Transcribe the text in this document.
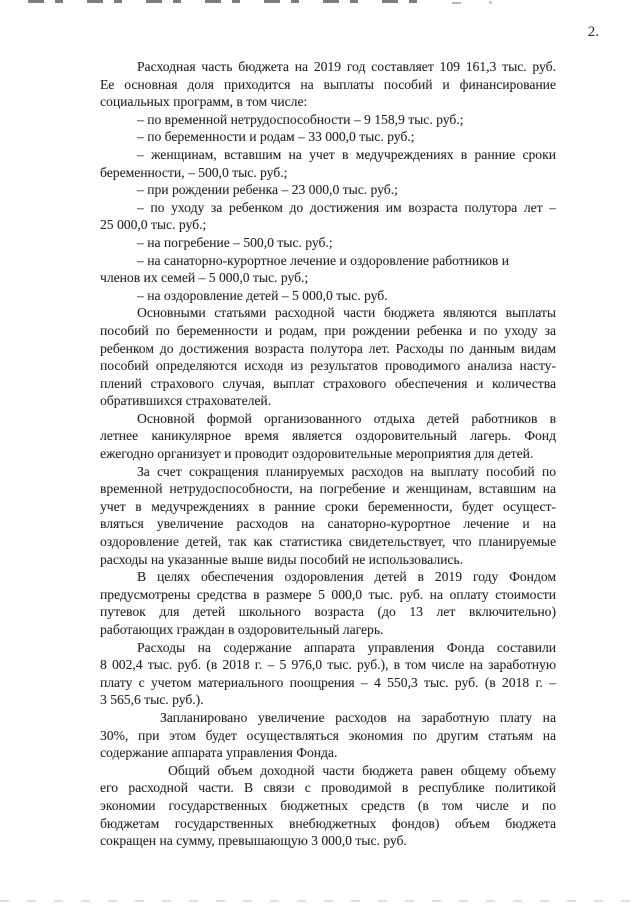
2.
Расходная часть бюджета на 2019 год составляет 109 161,3 тыс. руб.
Ее основная доля приходится на выплаты пособий и финансирование
социальных программ, в том числе:
– по временной нетрудоспособности – 9 158,9 тыс. руб.;
– по беременности и родам – 33 000,0 тыс. руб.;
– женщинам, вставшим на учет в медучреждениях в ранние сроки
беременности, – 500,0 тыс. руб.;
– при рождении ребенка – 23 000,0 тыс. руб.;
– по уходу за ребенком до достижения им возраста полутора лет –
25 000,0 тыс. руб.;
– на погребение – 500,0 тыс. руб.;
– на санаторно-курортное лечение и оздоровление работников и
членов их семей – 5 000,0 тыс. руб.;
– на оздоровление детей – 5 000,0 тыс. руб.
Основными статьями расходной части бюджета являются выплаты
пособий по беременности и родам, при рождении ребенка и по уходу за
ребенком до достижения возраста полутора лет. Расходы по данным видам
пособий определяются исходя из результатов проводимого анализа насту-
плений страхового случая, выплат страхового обеспечения и количества
обратившихся страхователей.
Основной формой организованного отдыха детей работников в
летнее каникулярное время является оздоровительный лагерь. Фонд
ежегодно организует и проводит оздоровительные мероприятия для детей.
За счет сокращения планируемых расходов на выплату пособий по
временной нетрудоспособности, на погребение и женщинам, вставшим на
учет в медучреждениях в ранние сроки беременности, будет осущест-
вляться увеличение расходов на санаторно-курортное лечение и на
оздоровление детей, так как статистика свидетельствует, что планируемые
расходы на указанные выше виды пособий не использовались.
В целях обеспечения оздоровления детей в 2019 году Фондом
предусмотрены средства в размере 5 000,0 тыс. руб. на оплату стоимости
путевок для детей школьного возраста (до 13 лет включительно)
работающих граждан в оздоровительный лагерь.
Расходы на содержание аппарата управления Фонда составили
8 002,4 тыс. руб. (в 2018 г. – 5 976,0 тыс. руб.), в том числе на заработную
плату с учетом материального поощрения – 4 550,3 тыс. руб. (в 2018 г. –
3 565,6 тыс. руб.).
Запланировано увеличение расходов на заработную плату на
30%, при этом будет осуществляться экономия по другим статьям на
содержание аппарата управления Фонда.
Общий объем доходной части бюджета равен общему объему
его расходной части. В связи с проводимой в республике политикой
экономии государственных бюджетных средств (в том числе и по
бюджетам государственных внебюджетных фондов) объем бюджета
сокращен на сумму, превышающую 3 000,0 тыс. руб.
